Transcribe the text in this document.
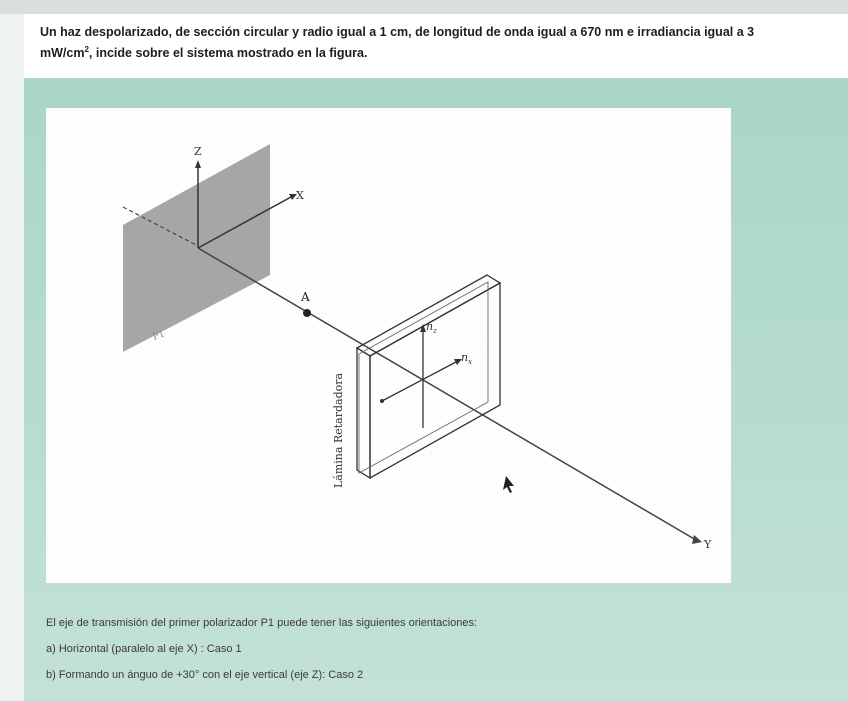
Un haz despolarizado, de sección circular y radio igual a 1 cm, de longitud de onda igual a 670 nm e irradiancia igual a 3
$mW/cm^2$, incide sobre el sistema mostrado en la figura.
Z
X
P1
Y
A
$n_z$
$n_x$
Lámina Retardadora

El eje de transmisión del primer polarizador P1 puede tener las siguientes orientaciones:

a) Horizontal (paralelo al eje X) : Caso 1

b) Formando un ánguo de +30° con el eje vertical (eje Z): Caso 2
